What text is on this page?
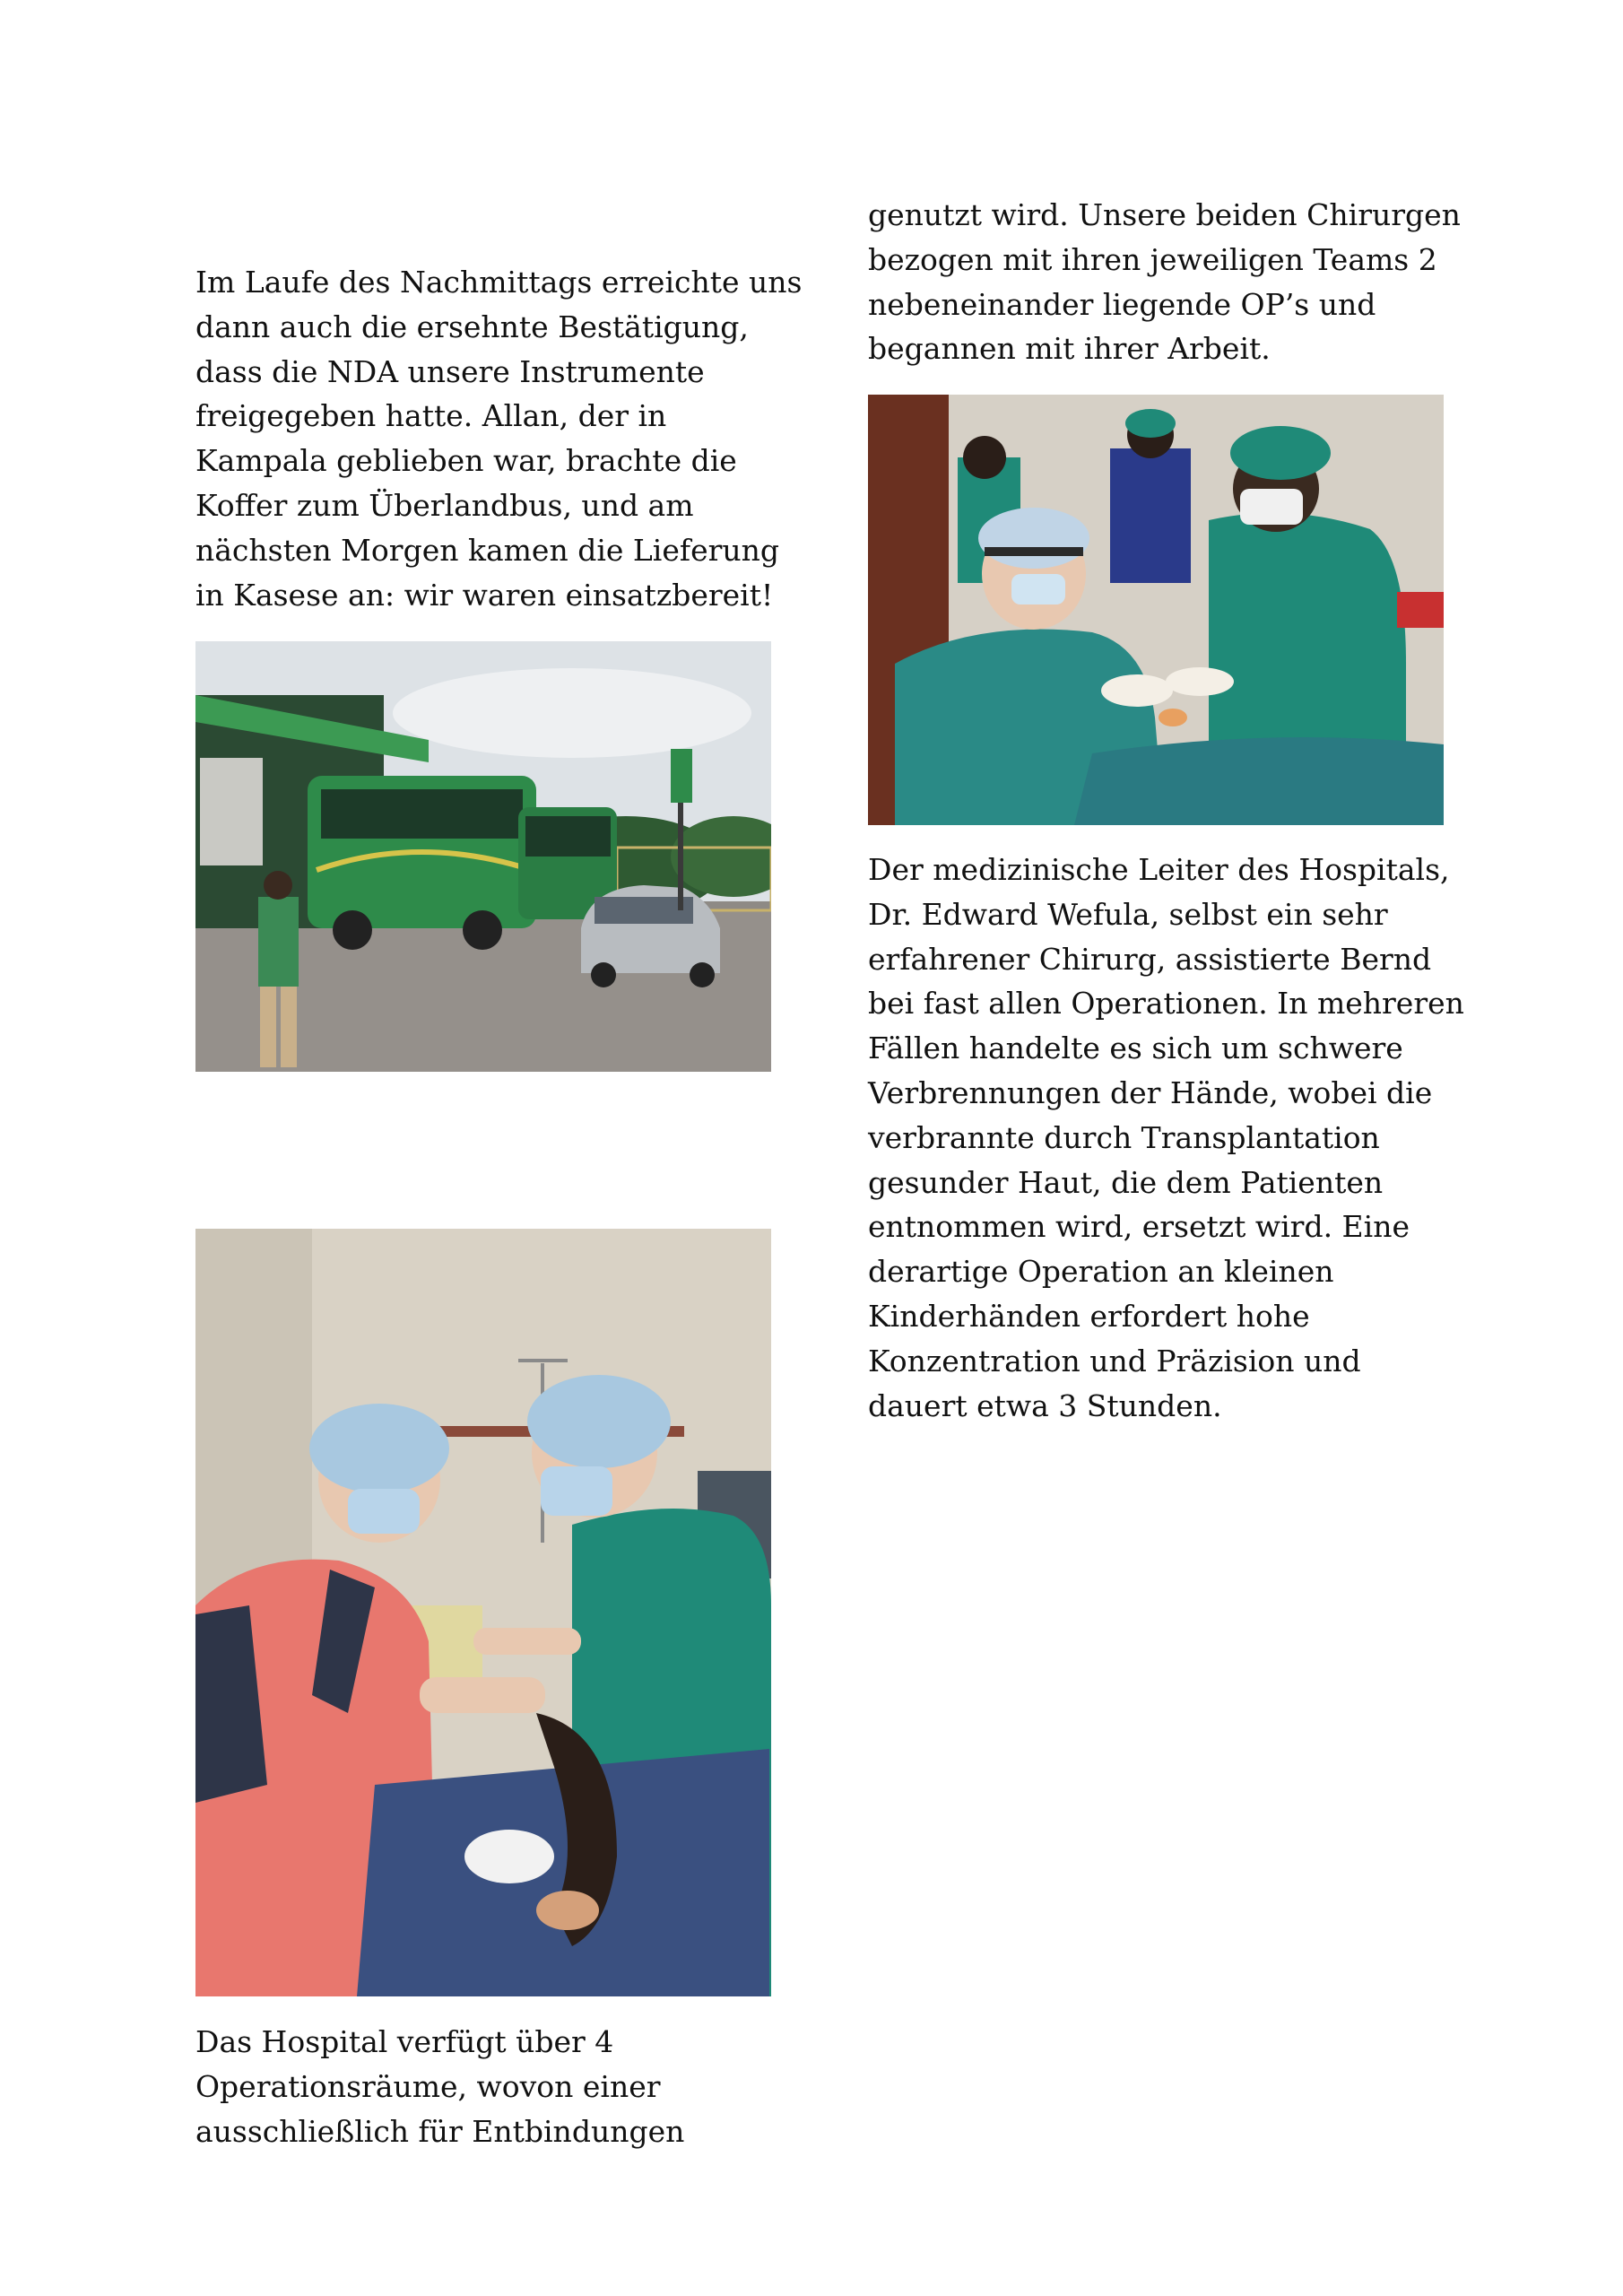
Im Laufe des Nachmittags erreichte uns
dann auch die ersehnte Bestätigung,
dass die NDA unsere Instrumente
freigegeben hatte. Allan, der in
Kampala geblieben war, brachte die
Koffer zum Überlandbus, und am
nächsten Morgen kamen die Lieferung
in Kasese an: wir waren einsatzbereit!

Das Hospital verfügt über 4
Operationsräume, wovon einer
ausschließlich für Entbindungen

genutzt wird. Unsere beiden Chirurgen
bezogen mit ihren jeweiligen Teams 2
nebeneinander liegende OP’s und
begannen mit ihrer Arbeit.

Der medizinische Leiter des Hospitals,
Dr. Edward Wefula, selbst ein sehr
erfahrener Chirurg, assistierte Bernd
bei fast allen Operationen. In mehreren
Fällen handelte es sich um schwere
Verbrennungen der Hände, wobei die
verbrannte durch Transplantation
gesunder Haut, die dem Patienten
entnommen wird, ersetzt wird. Eine
derartige Operation an kleinen
Kinderhänden erfordert hohe
Konzentration und Präzision und
dauert etwa 3 Stunden.
